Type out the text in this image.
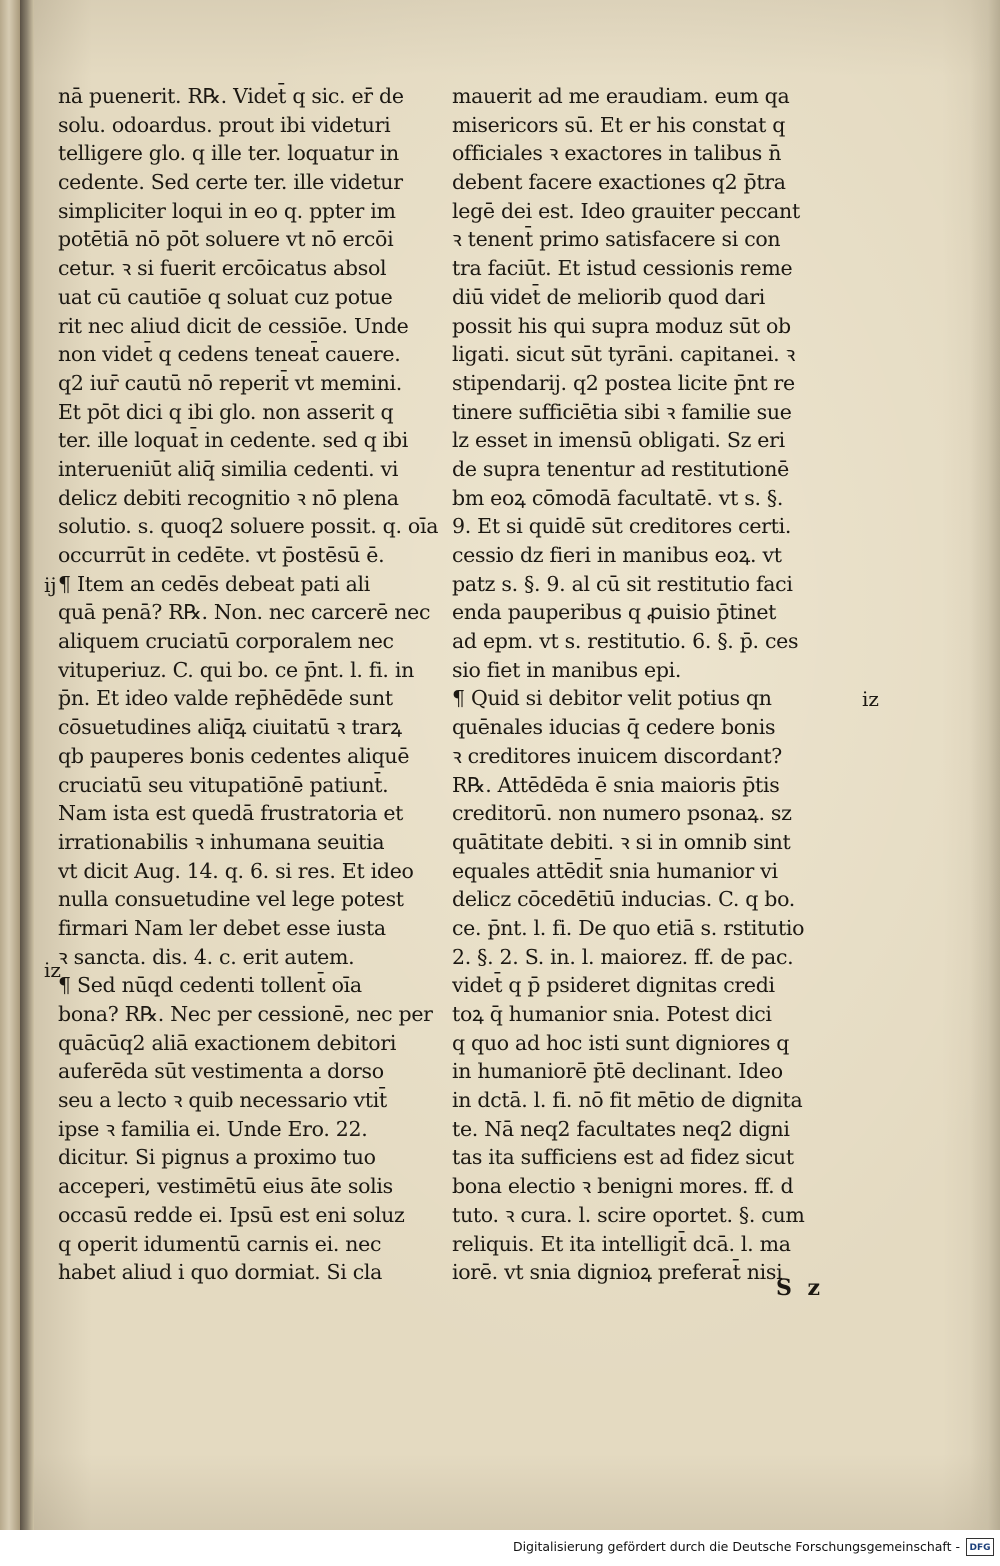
nā puenerit. R℞. Videt̄ q sic. er̄ de
solu. odoardus. prout ibi videturi
telligere glo. q ille ter. loquatur in
cedente. Sed certe ter. ille videtur
simpliciter loqui in eo q. ppter im
potētiā nō pōt soluere vt nō ercōi
cetur. ꝛ si fuerit ercōicatus absol
uat cū cautiōe q soluat cuz potue
rit nec aliud dicit de cessiōe. Unde
non videt̄ q cedens teneat̄ cauere.
q2 iur̄ cautū nō reperit̄ vt memini.
Et pōt dici q ibi glo. non asserit q
ter. ille loquat̄ in cedente. sed q ibi
interueniūt aliq̄ similia cedenti. vi
delicz debiti recognitio ꝛ nō plena
solutio. s. quoq2 soluere possit. q. oīa
occurrūt in cedēte. vt p̄ostēsū ē.
¶ Item an cedēs debeat pati ali
quā penā? R℞. Non. nec carcerē nec
aliquem cruciatū corporalem nec
vituperiuz. C. qui bo. ce p̄nt. l. fi. in
p̄n. Et ideo valde rep̄hēdēde sunt
cōsuetudines aliq̄ꝝ ciuitatū ꝛ trarꝝ
qb pauperes bonis cedentes aliquē
cruciatū seu vitupatiōnē patiunt̄.
Nam ista est quedā frustratoria et
irrationabilis ꝛ inhumana seuitia
vt dicit Aug. 14. q. 6. si res. Et ideo
nulla consuetudine vel lege potest
firmari Nam ler debet esse iusta
ꝛ sancta. dis. 4. c. erit autem.
¶ Sed nūqd cedenti tollent̄ oīa
bona? R℞. Nec per cessionē, nec per
quācūq2 aliā exactionem debitori
auferēda sūt vestimenta a dorso
seu a lecto ꝛ quib necessario vtit̄
ipse ꝛ familia ei. Unde Ero. 22.
dicitur. Si pignus a proximo tuo
acceperi, vestimētū eius āte solis
occasū redde ei. Ipsū est eni soluz
q operit idumentū carnis ei. nec
habet aliud i quo dormiat. Si cla
mauerit ad me eraudiam. eum qa
misericors sū. Et er his constat q
officiales ꝛ exactores in talibus n̄
debent facere exactiones q2 p̄tra
legē dei est. Ideo grauiter peccant
ꝛ tenent̄ primo satisfacere si con
tra faciūt. Et istud cessionis reme
diū videt̄ de meliorib quod dari
possit his qui supra moduz sūt ob
ligati. sicut sūt tyrāni. capitanei. ꝛ
stipendarij. q2 postea licite p̄nt re
tinere sufficiētia sibi ꝛ familie sue
lz esset in imensū obligati. Sz eri
de supra tenentur ad restitutionē
bm eoꝝ cōmodā facultatē. vt s. §.
9. Et si quidē sūt creditores certi.
cessio dz fieri in manibus eoꝝ. vt
patz s. §. 9. al cū sit restitutio faci
enda pauperibus q ꝓuisio p̄tinet
ad epm. vt s. restitutio. 6. §. p̄. ces
sio fiet in manibus epi.
¶ Quid si debitor velit potius qn
quēnales iducias q̄ cedere bonis
ꝛ creditores inuicem discordant?
R℞. Attēdēda ē snia maioris p̄tis
creditorū. non numero psonaꝝ. sz
quātitate debiti. ꝛ si in omnib sint
equales attēdit̄ snia humanior vi
delicz cōcedētiū inducias. C. q bo.
ce. p̄nt. l. fi. De quo etiā s. rstitutio
2. §. 2. S. in. l. maiorez. ff. de pac.
videt̄ q p̄ psideret dignitas credi
toꝝ q̄ humanior snia. Potest dici
q quo ad hoc isti sunt digniores q
in humaniorē p̄tē declinant. Ideo
in dctā. l. fi. nō fit mētio de dignita
te. Nā neq2 facultates neq2 digni
tas ita sufficiens est ad fidez sicut
bona electio ꝛ benigni mores. ff. d
tuto. ꝛ cura. l. scire oportet. §. cum
reliquis. Et ita intelligit̄ dcā. l. ma
iorē. vt snia dignioꝝ preferat̄ nisi
ij
iz
iz
S z
Digitalisierung gefördert durch die Deutsche Forschungsgemeinschaft -	DFG
